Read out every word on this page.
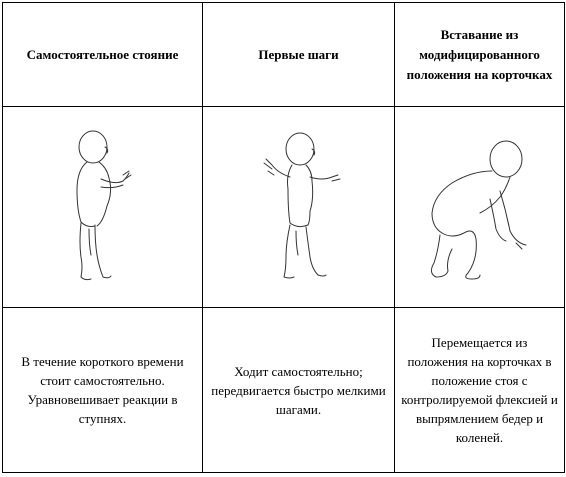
Самостоятельное стояние	Первые шаги	Вставание из модифицированного положения на корточках

В течение короткого времени стоит самостоятельно. Уравновешивает реакции в ступнях.	Ходит самостоятельно; передвигается быстро мелкими шагами.	Перемещается из положения на корточках в положение стоя с контролируемой флексией и выпрямлением бедер и коленей.
